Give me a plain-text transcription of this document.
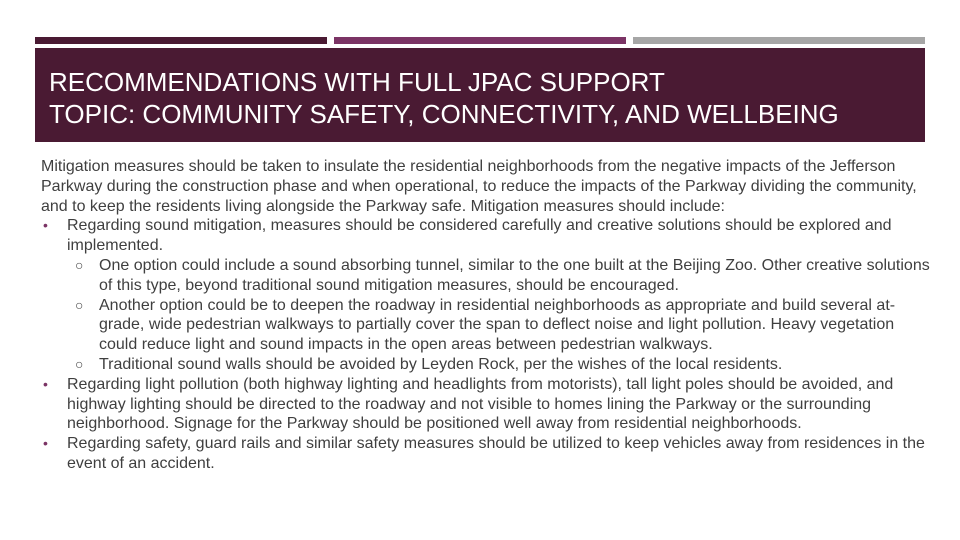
RECOMMENDATIONS WITH FULL JPAC SUPPORT
TOPIC: COMMUNITY SAFETY, CONNECTIVITY, AND WELLBEING

Mitigation measures should be taken to insulate the residential neighborhoods from the negative impacts of the Jefferson Parkway during the construction phase and when operational, to reduce the impacts of the Parkway dividing the community, and to keep the residents living alongside the Parkway safe. Mitigation measures should include:

• Regarding sound mitigation, measures should be considered carefully and creative solutions should be explored and implemented.
○ One option could include a sound absorbing tunnel, similar to the one built at the Beijing Zoo. Other creative solutions of this type, beyond traditional sound mitigation measures, should be encouraged.
○ Another option could be to deepen the roadway in residential neighborhoods as appropriate and build several at-grade, wide pedestrian walkways to partially cover the span to deflect noise and light pollution. Heavy vegetation could reduce light and sound impacts in the open areas between pedestrian walkways.
○ Traditional sound walls should be avoided by Leyden Rock, per the wishes of the local residents.
• Regarding light pollution (both highway lighting and headlights from motorists), tall light poles should be avoided, and highway lighting should be directed to the roadway and not visible to homes lining the Parkway or the surrounding neighborhood. Signage for the Parkway should be positioned well away from residential neighborhoods.
• Regarding safety, guard rails and similar safety measures should be utilized to keep vehicles away from residences in the event of an accident.
